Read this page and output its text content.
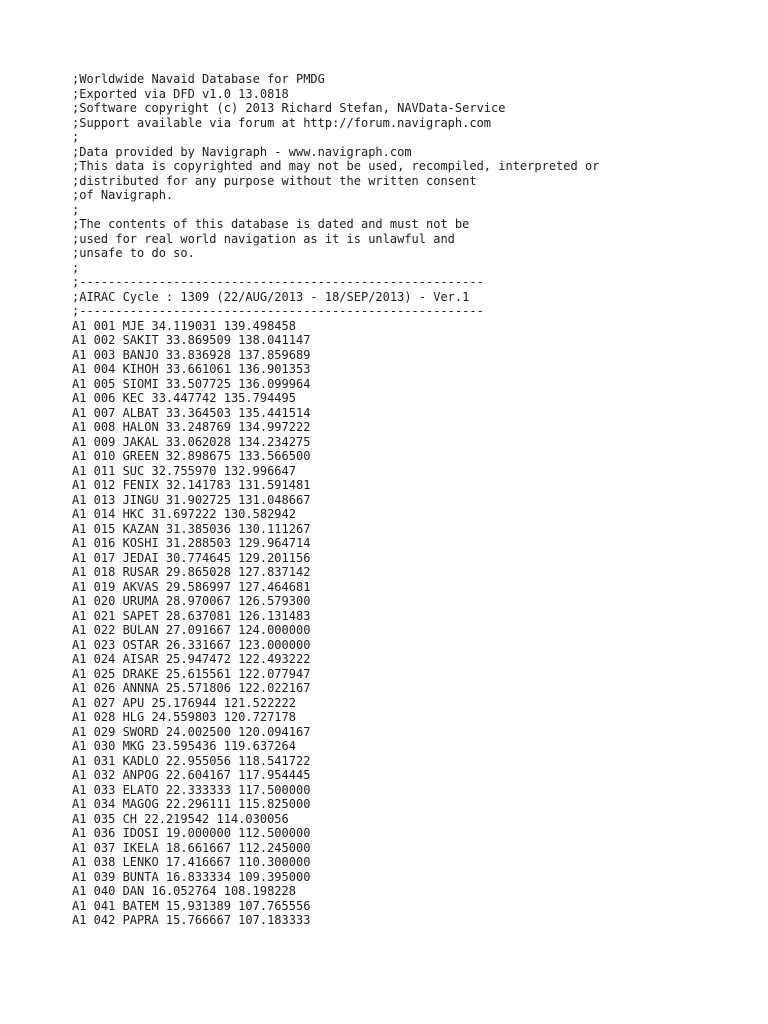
;Worldwide Navaid Database for PMDG
;Exported via DFD v1.0 13.0818
;Software copyright (c) 2013 Richard Stefan, NAVData-Service
;Support available via forum at http://forum.navigraph.com
;
;Data provided by Navigraph - www.navigraph.com
;This data is copyrighted and may not be used, recompiled, interpreted or
;distributed for any purpose without the written consent
;of Navigraph.
;
;The contents of this database is dated and must not be
;used for real world navigation as it is unlawful and
;unsafe to do so.
;
;--------------------------------------------------------
;AIRAC Cycle : 1309 (22/AUG/2013 - 18/SEP/2013) - Ver.1
;--------------------------------------------------------
A1 001 MJE 34.119031 139.498458
A1 002 SAKIT 33.869509 138.041147
A1 003 BANJO 33.836928 137.859689
A1 004 KIHOH 33.661061 136.901353
A1 005 SIOMI 33.507725 136.099964
A1 006 KEC 33.447742 135.794495
A1 007 ALBAT 33.364503 135.441514
A1 008 HALON 33.248769 134.997222
A1 009 JAKAL 33.062028 134.234275
A1 010 GREEN 32.898675 133.566500
A1 011 SUC 32.755970 132.996647
A1 012 FENIX 32.141783 131.591481
A1 013 JINGU 31.902725 131.048667
A1 014 HKC 31.697222 130.582942
A1 015 KAZAN 31.385036 130.111267
A1 016 KOSHI 31.288503 129.964714
A1 017 JEDAI 30.774645 129.201156
A1 018 RUSAR 29.865028 127.837142
A1 019 AKVAS 29.586997 127.464681
A1 020 URUMA 28.970067 126.579300
A1 021 SAPET 28.637081 126.131483
A1 022 BULAN 27.091667 124.000000
A1 023 OSTAR 26.331667 123.000000
A1 024 AISAR 25.947472 122.493222
A1 025 DRAKE 25.615561 122.077947
A1 026 ANNNA 25.571806 122.022167
A1 027 APU 25.176944 121.522222
A1 028 HLG 24.559803 120.727178
A1 029 SWORD 24.002500 120.094167
A1 030 MKG 23.595436 119.637264
A1 031 KADLO 22.955056 118.541722
A1 032 ANPOG 22.604167 117.954445
A1 033 ELATO 22.333333 117.500000
A1 034 MAGOG 22.296111 115.825000
A1 035 CH 22.219542 114.030056
A1 036 IDOSI 19.000000 112.500000
A1 037 IKELA 18.661667 112.245000
A1 038 LENKO 17.416667 110.300000
A1 039 BUNTA 16.833334 109.395000
A1 040 DAN 16.052764 108.198228
A1 041 BATEM 15.931389 107.765556
A1 042 PAPRA 15.766667 107.183333
